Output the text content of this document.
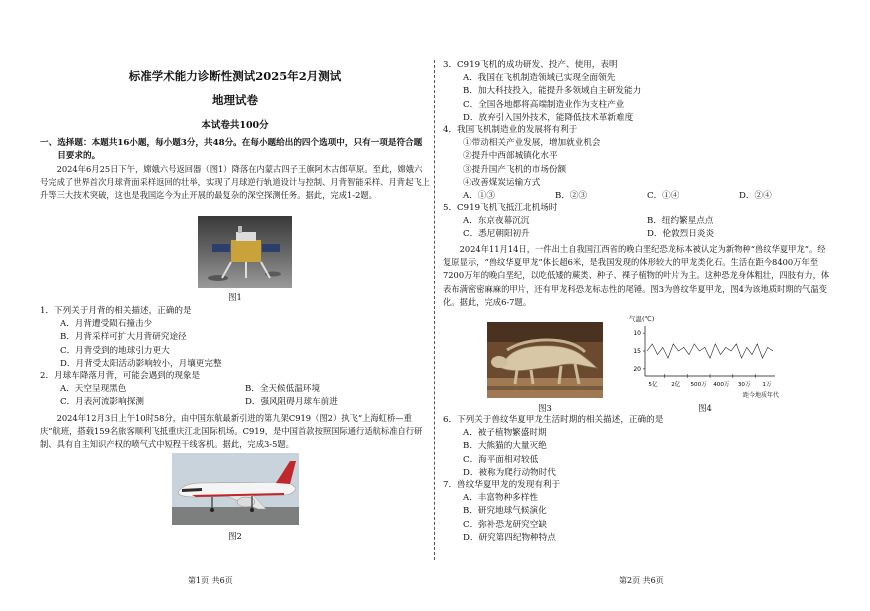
标准学术能力诊断性测试2025年2月测试
地理试卷
本试卷共100分
一、选择题：本题共16小题，每小题3分，共48分。在每小题给出的四个选项中，只有一项是符合题目要求的。
2024年6月25日下午，嫦娥六号返回器（图1）降落在内蒙古四子王旗阿木古郎草原。至此，嫦娥六号完成了世界首次月球背面采样返回的壮举，实现了月球逆行轨道设计与控制、月背智能采样、月背起飞上升等三大技术突破，这也是我国迄今为止开展的最复杂的深空探测任务。据此，完成1-2题。
图1
1．下列关于月背的相关描述，正确的是
A．月背遭受陨石撞击少
B．月背采样可扩大月背研究途径
C．月背受到的地球引力更大
D．月背受太阳活动影响较小，月壤更完整
2．月球车降落月背，可能会遇到的现象是
A．天空呈现黑色	B．全天候低温环境
C．月表河流影响探测	D．强风阻碍月球车前进
2024年12月3日上午10时58分，由中国东航最新引进的第九架C919（图2）执飞“上海虹桥—重庆”航班，搭载159名旅客顺利飞抵重庆江北国际机场。C919，是中国首款按照国际通行适航标准自行研制、具有自主知识产权的喷气式中短程干线客机。据此，完成3-5题。
图2
第1页 共6页
3．C919飞机的成功研发、投产、使用，表明
A．我国在飞机制造领域已实现全面领先
B．加大科技投入，能提升多领域自主研发能力
C．全国各地都将高端制造业作为支柱产业
D．放弃引入国外技术，能降低技术革新难度
4．我国飞机制造业的发展将有利于
①带动相关产业发展，增加就业机会
②提升中西部城镇化水平
③提升国产飞机的市场份额
④改善煤炭运输方式
A．①③	B．②③	C．①④	D．②④
5．C919飞机飞抵江北机场时
A．东京夜幕沉沉	B．纽约繁星点点
C．悉尼朝阳初升	D．伦敦烈日炎炎
2024年11月14日，一件出土自我国江西省的晚白垩纪恐龙标本被认定为新物种“兽纹华夏甲龙”。经复原显示，“兽纹华夏甲龙”体长超6米，是我国发现的体形较大的甲龙类化石。生活在距今8400万年至7200万年的晚白垩纪，以吃低矮的蕨类、种子、裸子植物的叶片为主。这种恐龙身体粗壮，四肢有力，体表布满密密麻麻的甲片，还有甲龙科恐龙标志性的尾锤。图3为兽纹华夏甲龙，图4为该地质时期的气温变化。据此，完成6-7题。
图3
气温(℃)
20
15
10
5亿 2亿 500万 400万 30万 1万
距今地质年代
图4
6．下列关于兽纹华夏甲龙生活时期的相关描述，正确的是
A．被子植物繁盛时期
B．大熊猫的大量灭绝
C．海平面相对较低
D．被称为爬行动物时代
7．兽纹华夏甲龙的发现有利于
A．丰富物种多样性
B．研究地球气候演化
C．弥补恐龙研究空缺
D．研究第四纪物种特点
第2页 共6页
